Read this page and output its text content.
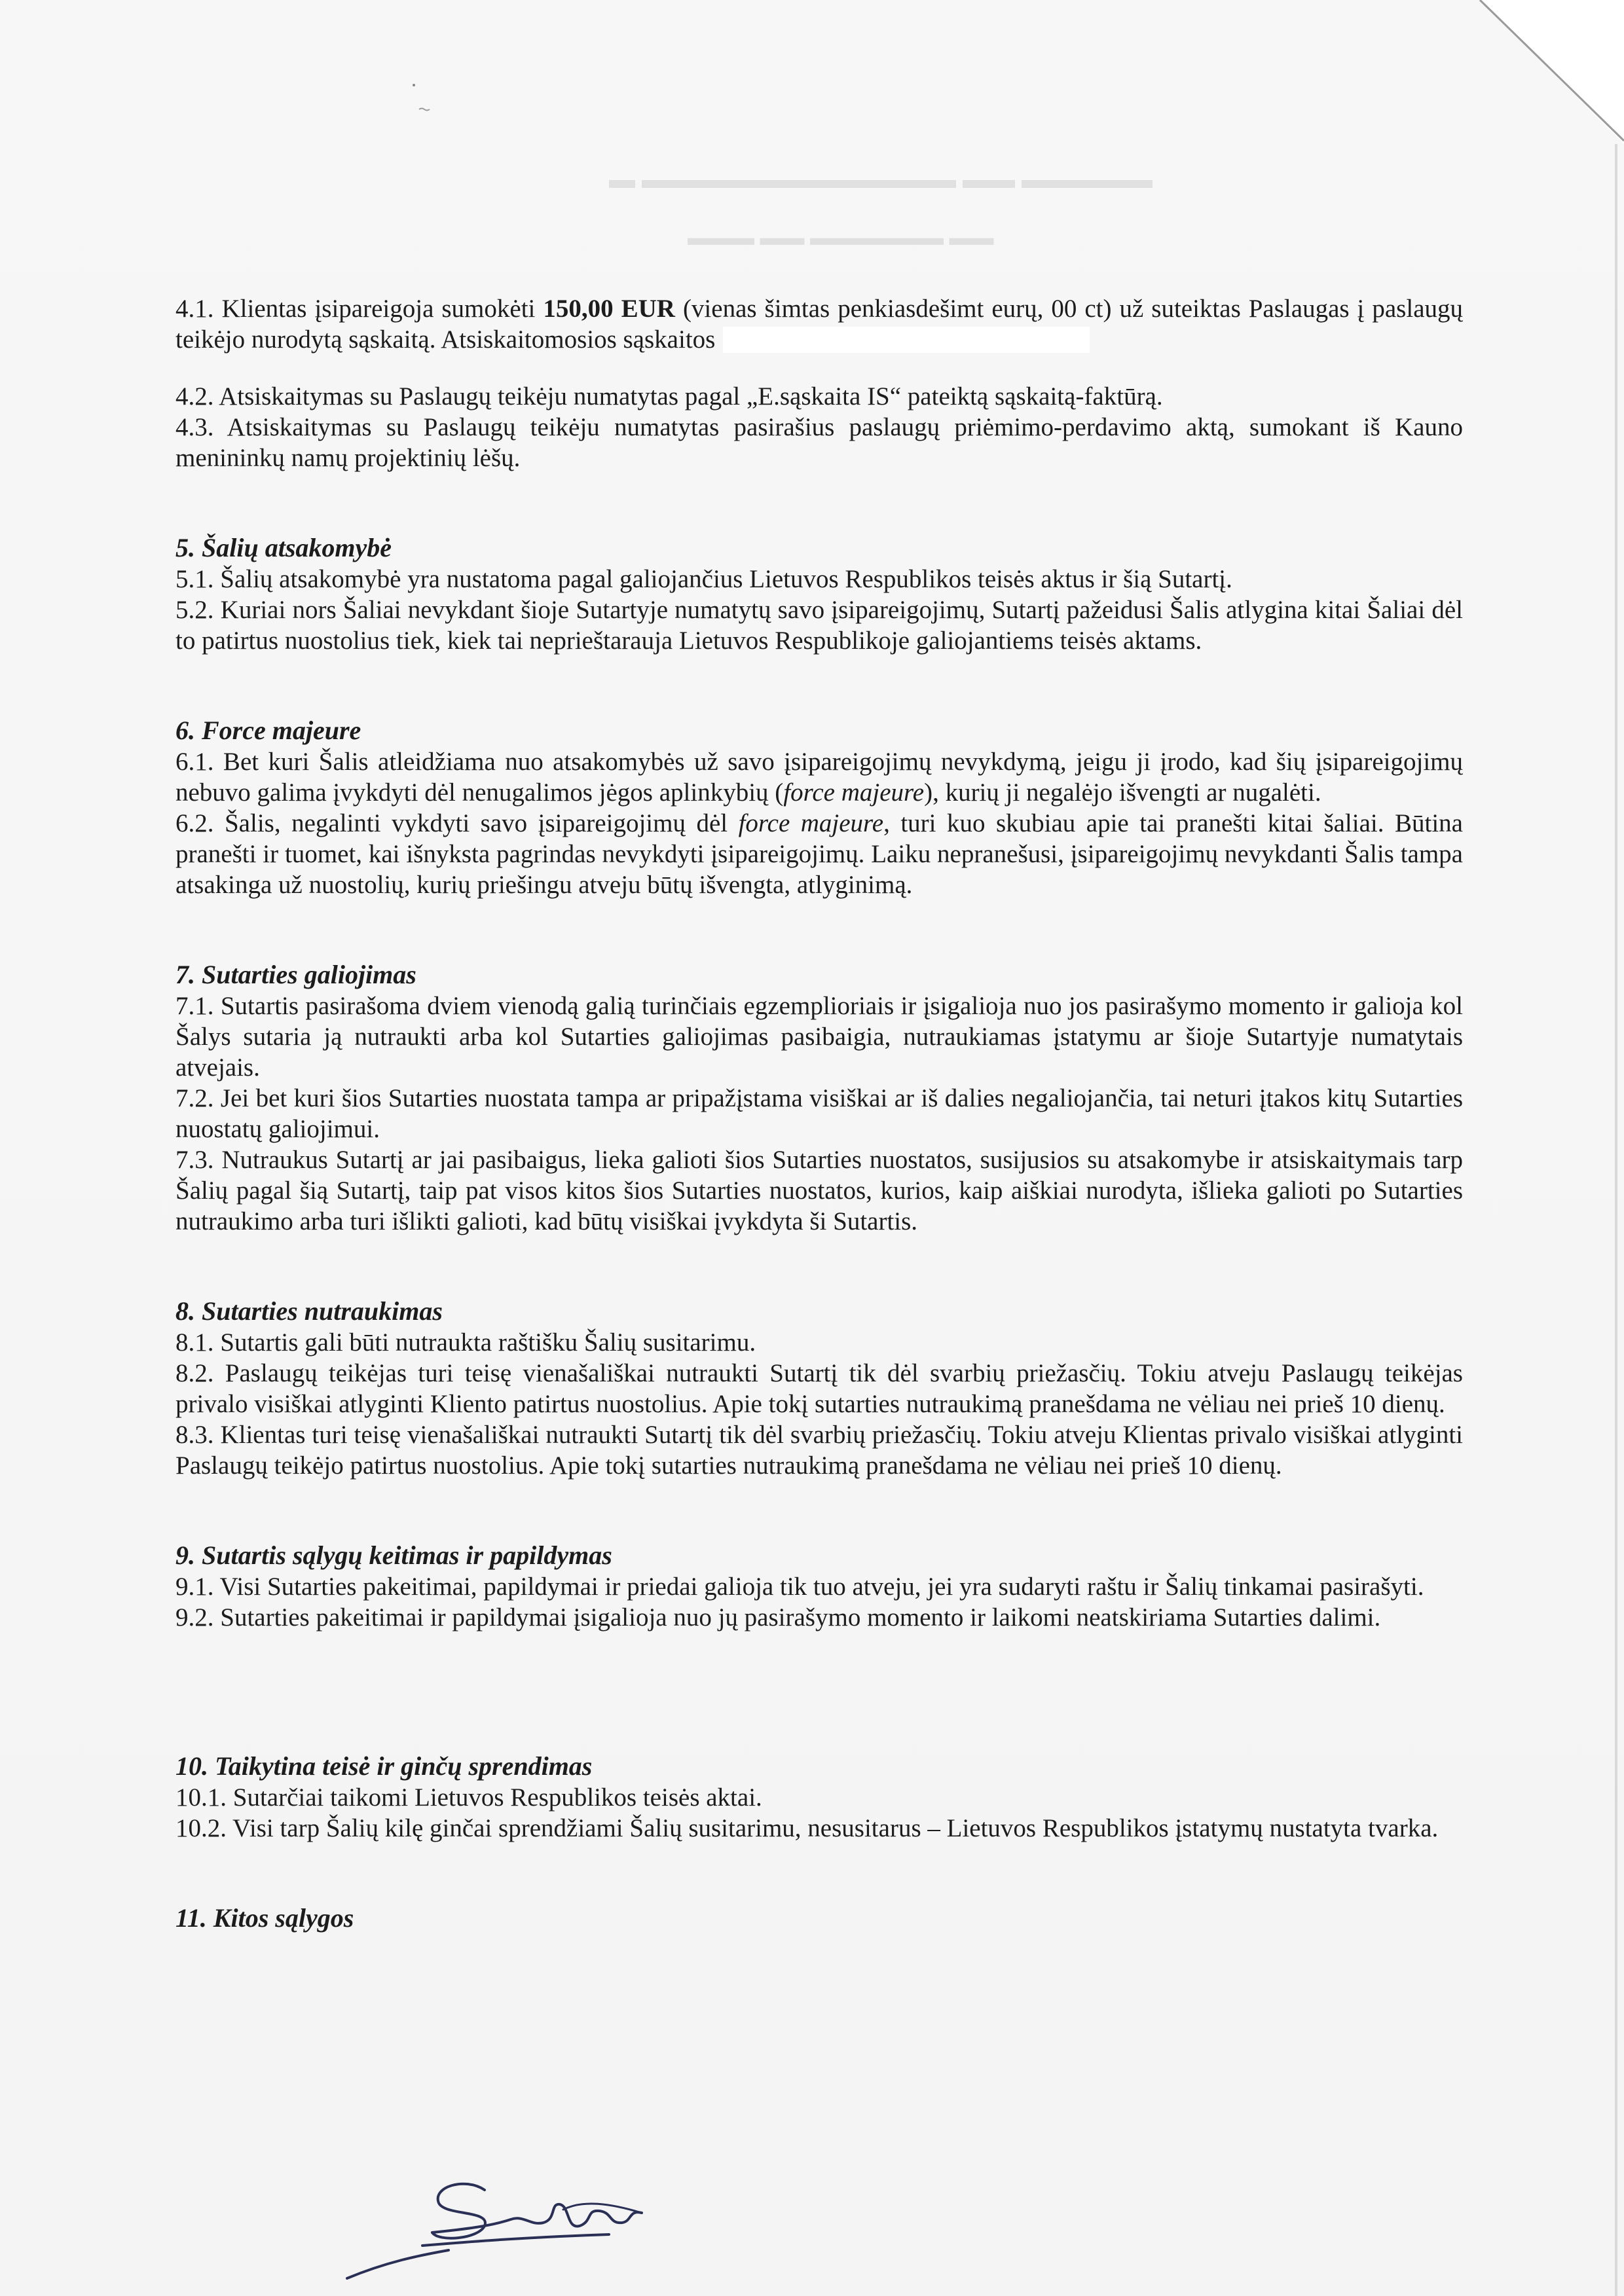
▬ ▬▬▬▬▬▬▬▬▬▬▬▬ ▬▬ ▬▬▬▬▬
▬▬▬ ▬▬ ▬▬▬▬▬▬ ▬▬

4.1. Klientas įsipareigoja sumokėti 150,00 EUR (vienas šimtas penkiasdešimt eurų, 00 ct) už suteiktas Paslaugas į paslaugų teikėjo nurodytą sąskaitą. Atsiskaitomosios sąskaitos

4.2. Atsiskaitymas su Paslaugų teikėju numatytas pagal „E.sąskaita IS“ pateiktą sąskaitą-faktūrą.

4.3. Atsiskaitymas su Paslaugų teikėju numatytas pasirašius paslaugų priėmimo-perdavimo aktą, sumokant iš Kauno menininkų namų projektinių lėšų.

5. Šalių atsakomybė

5.1. Šalių atsakomybė yra nustatoma pagal galiojančius Lietuvos Respublikos teisės aktus ir šią Sutartį.

5.2. Kuriai nors Šaliai nevykdant šioje Sutartyje numatytų savo įsipareigojimų, Sutartį pažeidusi Šalis atlygina kitai Šaliai dėl to patirtus nuostolius tiek, kiek tai neprieštarauja Lietuvos Respublikoje galiojantiems teisės aktams.

6. Force majeure

6.1. Bet kuri Šalis atleidžiama nuo atsakomybės už savo įsipareigojimų nevykdymą, jeigu ji įrodo, kad šių įsipareigojimų nebuvo galima įvykdyti dėl nenugalimos jėgos aplinkybių (force majeure), kurių ji negalėjo išvengti ar nugalėti.

6.2. Šalis, negalinti vykdyti savo įsipareigojimų dėl force majeure, turi kuo skubiau apie tai pranešti kitai šaliai. Būtina pranešti ir tuomet, kai išnyksta pagrindas nevykdyti įsipareigojimų. Laiku nepranešusi, įsipareigojimų nevykdanti Šalis tampa atsakinga už nuostolių, kurių priešingu atveju būtų išvengta, atlyginimą.

7. Sutarties galiojimas

7.1. Sutartis pasirašoma dviem vienodą galią turinčiais egzemplioriais ir įsigalioja nuo jos pasirašymo momento ir galioja kol Šalys sutaria ją nutraukti arba kol Sutarties galiojimas pasibaigia, nutraukiamas įstatymu ar šioje Sutartyje numatytais atvejais.

7.2. Jei bet kuri šios Sutarties nuostata tampa ar pripažįstama visiškai ar iš dalies negaliojančia, tai neturi įtakos kitų Sutarties nuostatų galiojimui.

7.3. Nutraukus Sutartį ar jai pasibaigus, lieka galioti šios Sutarties nuostatos, susijusios su atsakomybe ir atsiskaitymais tarp Šalių pagal šią Sutartį, taip pat visos kitos šios Sutarties nuostatos, kurios, kaip aiškiai nurodyta, išlieka galioti po Sutarties nutraukimo arba turi išlikti galioti, kad būtų visiškai įvykdyta ši Sutartis.

8. Sutarties nutraukimas

8.1. Sutartis gali būti nutraukta raštišku Šalių susitarimu.

8.2. Paslaugų teikėjas turi teisę vienašališkai nutraukti Sutartį tik dėl svarbių priežasčių. Tokiu atveju Paslaugų teikėjas privalo visiškai atlyginti Kliento patirtus nuostolius. Apie tokį sutarties nutraukimą pranešdama ne vėliau nei prieš 10 dienų.

8.3. Klientas turi teisę vienašališkai nutraukti Sutartį tik dėl svarbių priežasčių. Tokiu atveju Klientas privalo visiškai atlyginti Paslaugų teikėjo patirtus nuostolius. Apie tokį sutarties nutraukimą pranešdama ne vėliau nei prieš 10 dienų.

9. Sutartis sąlygų keitimas ir papildymas

9.1. Visi Sutarties pakeitimai, papildymai ir priedai galioja tik tuo atveju, jei yra sudaryti raštu ir Šalių tinkamai pasirašyti.

9.2. Sutarties pakeitimai ir papildymai įsigalioja nuo jų pasirašymo momento ir laikomi neatskiriama Sutarties dalimi.

10. Taikytina teisė ir ginčų sprendimas

10.1. Sutarčiai taikomi Lietuvos Respublikos teisės aktai.

10.2. Visi tarp Šalių kilę ginčai sprendžiami Šalių susitarimu, nesusitarus – Lietuvos Respublikos įstatymų nustatyta tvarka.

11. Kitos sąlygos
